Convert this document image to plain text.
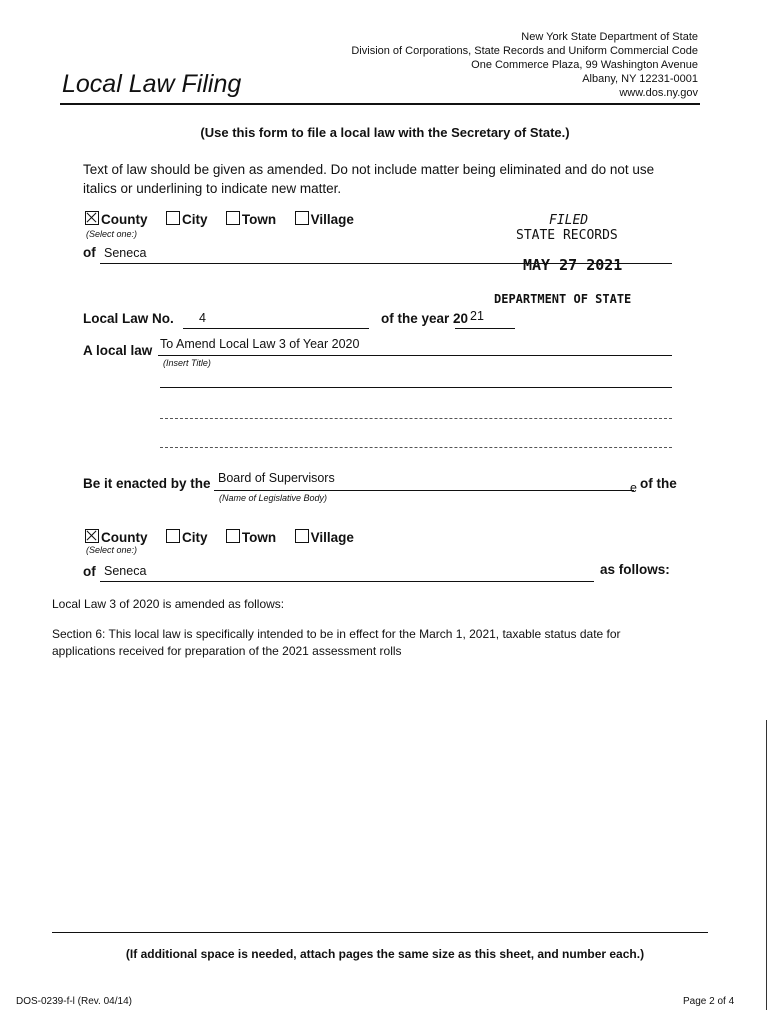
New York State Department of State
Division of Corporations, State Records and Uniform Commercial Code
One Commerce Plaza, 99 Washington Avenue
Albany, NY 12231-0001
www.dos.ny.gov
Local Law Filing
(Use this form to file a local law with the Secretary of State.)
Text of law should be given as amended. Do not include matter being eliminated and do not use italics or underlining to indicate new matter.
County	City	Town	Village
(Select one:)
of Seneca
FILED
STATE RECORDS
MAY 27 2021
DEPARTMENT OF STATE
Local Law No. 4	of the year 20 21
A local law To Amend Local Law 3 of Year 2020
(Insert Title)
Be it enacted by the Board of Supervisors
e of the
(Name of Legislative Body)
County	City	Town	Village
(Select one:)
of Seneca	as follows:
Local Law 3 of 2020 is amended as follows:
Section 6: This local law is specifically intended to be in effect for the March 1, 2021, taxable status date for applications received for preparation of the 2021 assessment rolls
(If additional space is needed, attach pages the same size as this sheet, and number each.)
DOS-0239-f-l (Rev. 04/14)	Page 2 of 4
